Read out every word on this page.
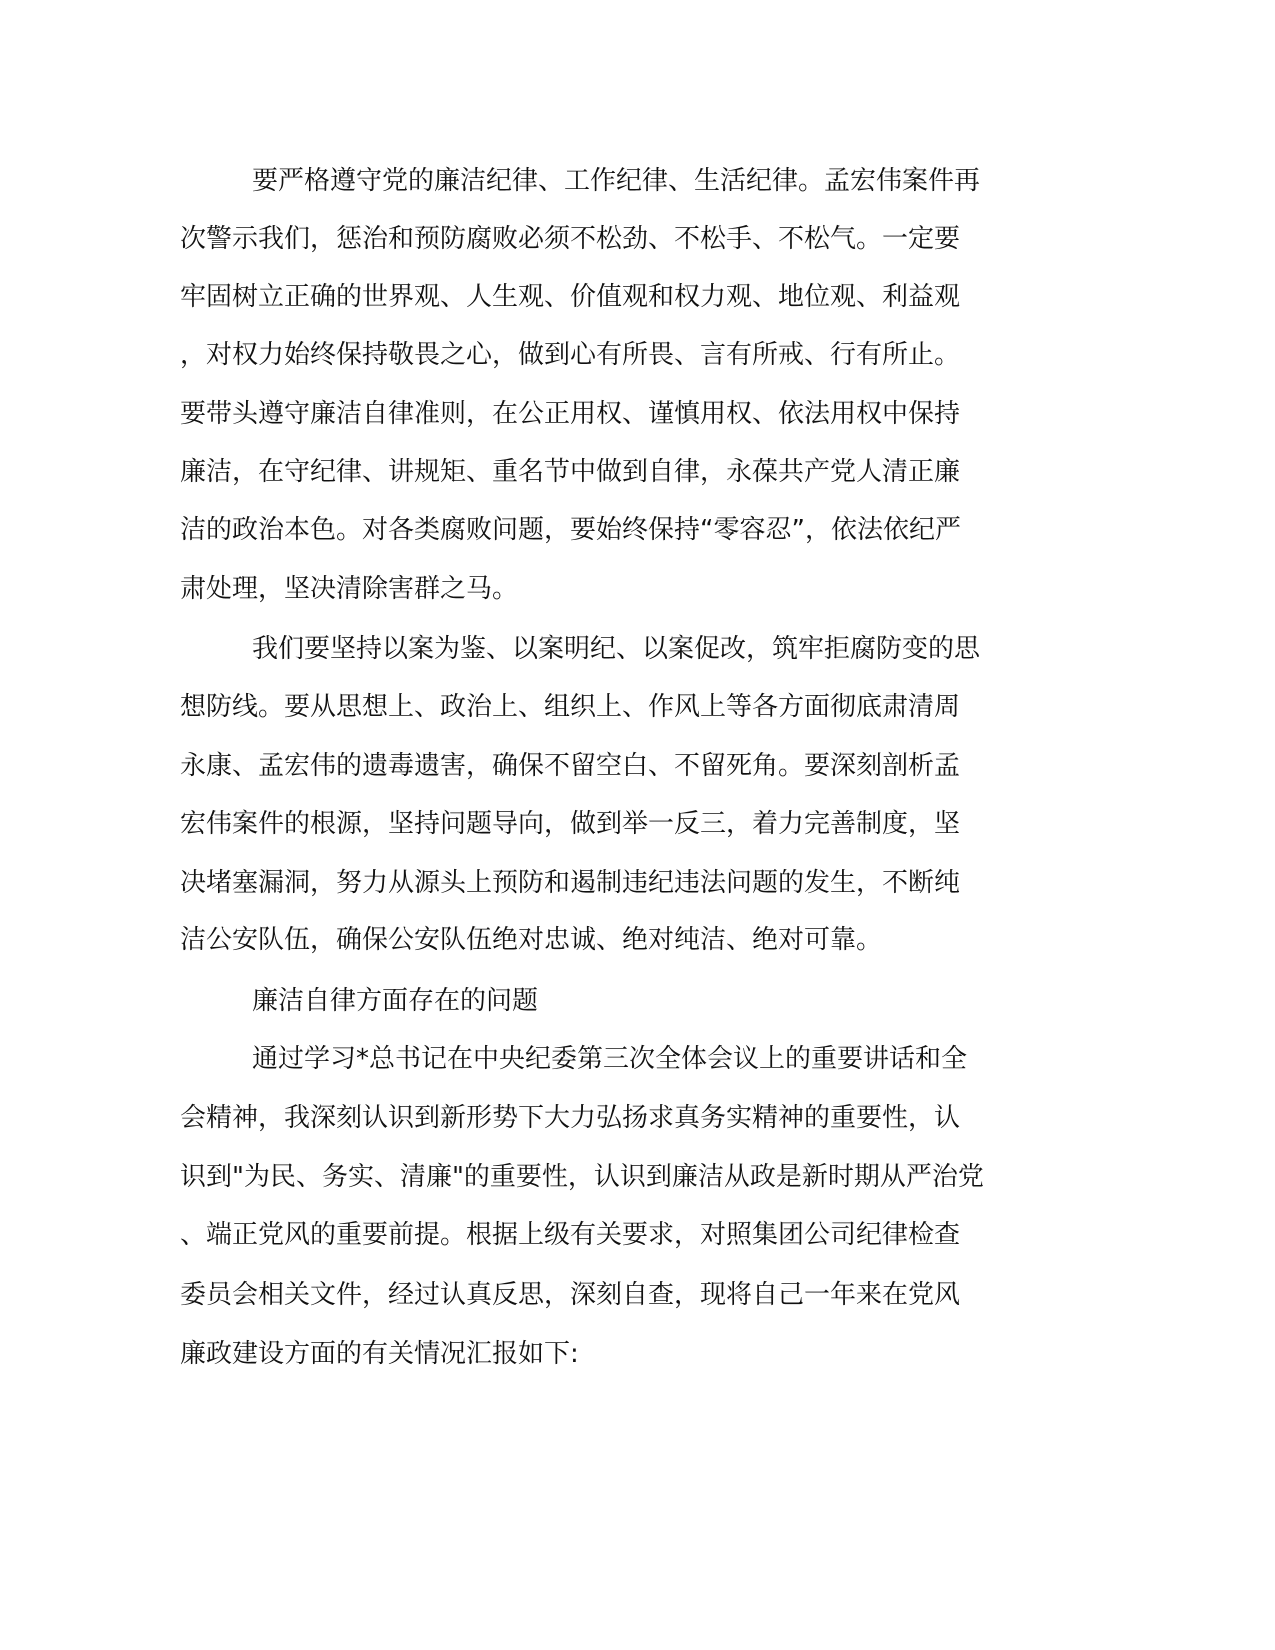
要严格遵守党的廉洁纪律、工作纪律、生活纪律。孟宏伟案件再
次警示我们，惩治和预防腐败必须不松劲、不松手、不松气。一定要
牢固树立正确的世界观、人生观、价值观和权力观、地位观、利益观
，对权力始终保持敬畏之心，做到心有所畏、言有所戒、行有所止。
要带头遵守廉洁自律准则，在公正用权、谨慎用权、依法用权中保持
廉洁，在守纪律、讲规矩、重名节中做到自律，永葆共产党人清正廉
洁的政治本色。对各类腐败问题，要始终保持“零容忍”，依法依纪严
肃处理，坚决清除害群之马。
我们要坚持以案为鉴、以案明纪、以案促改，筑牢拒腐防变的思
想防线。要从思想上、政治上、组织上、作风上等各方面彻底肃清周
永康、孟宏伟的遗毒遗害，确保不留空白、不留死角。要深刻剖析孟
宏伟案件的根源，坚持问题导向，做到举一反三，着力完善制度，坚
决堵塞漏洞，努力从源头上预防和遏制违纪违法问题的发生，不断纯
洁公安队伍，确保公安队伍绝对忠诚、绝对纯洁、绝对可靠。
廉洁自律方面存在的问题
通过学习*总书记在中央纪委第三次全体会议上的重要讲话和全
会精神，我深刻认识到新形势下大力弘扬求真务实精神的重要性，认
识到"为民、务实、清廉"的重要性，认识到廉洁从政是新时期从严治党
、端正党风的重要前提。根据上级有关要求，对照集团公司纪律检查
委员会相关文件，经过认真反思，深刻自查，现将自己一年来在党风
廉政建设方面的有关情况汇报如下:
